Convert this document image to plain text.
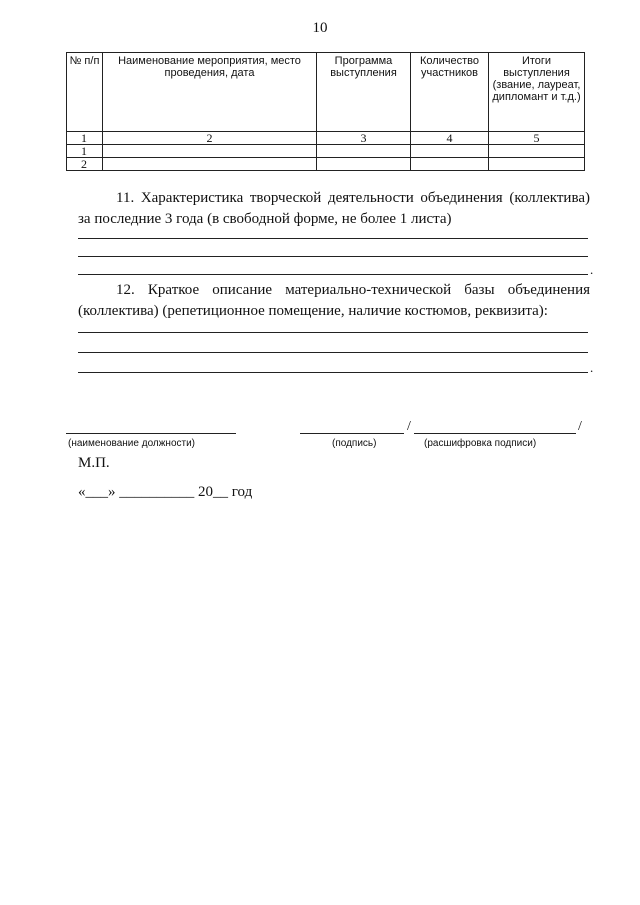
10
№ п/п	Наименование мероприятия, место проведения, дата	Программа выступления	Количество участников	Итоги выступления (звание, лауреат, дипломант и т.д.)
1	2	3	4	5
1				
2				

11. Характеристика творческой деятельности объединения (коллектива) за последние 3 года (в свободной форме, не более 1 листа)

.

12. Краткое описание материально-технической базы объединения (коллектива) (репетиционное помещение, наличие костюмов, реквизита):

.
/	/
(наименование должности)	(подпись)	(расшифровка подписи)
М.П.
«___» __________ 20__ год
